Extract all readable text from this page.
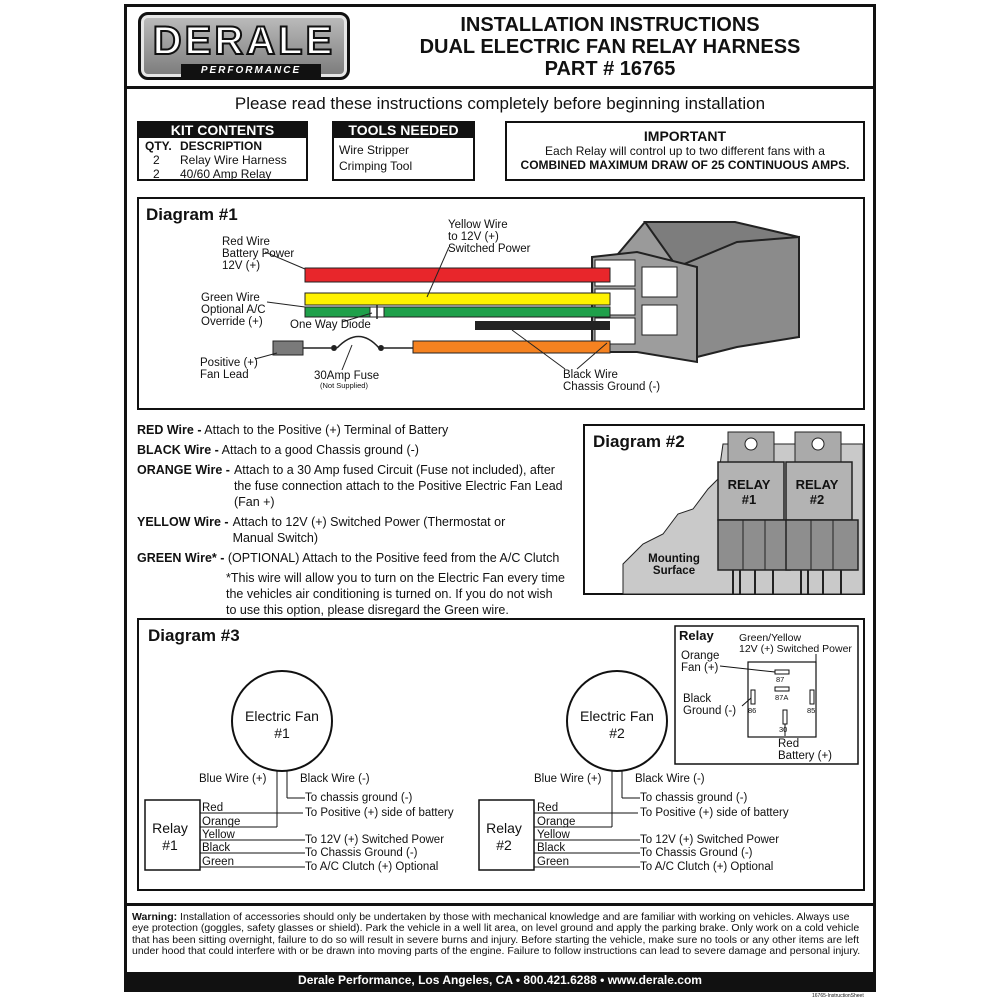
DERALE
PERFORMANCE
INSTALLATION INSTRUCTIONS
DUAL ELECTRIC FAN RELAY HARNESS
PART # 16765
Please read these instructions completely before beginning installation
KIT CONTENTS
QTY. DESCRIPTION
2 Relay Wire Harness
2 40/60 Amp Relay
TOOLS NEEDED
Wire Stripper
Crimping Tool
IMPORTANT
Each Relay will control up to two different fans with a
COMBINED MAXIMUM DRAW OF 25 CONTINUOUS AMPS.
Diagram #1
Red Wire
Battery Power
12V (+)
Yellow Wire
to 12V (+)
Switched Power
Green Wire
Optional A/C
Override (+) One Way Diode
Positive (+)
Fan Lead	30Amp Fuse
(Not Supplied)
Black Wire
Chassis Ground (-)
RED Wire - Attach to the Positive (+) Terminal of Battery
BLACK Wire - Attach to a good Chassis ground (-)
ORANGE Wire - Attach to a 30 Amp fused Circuit (Fuse not included), after
the fuse connection attach to the Positive Electric Fan Lead
(Fan +)
YELLOW Wire - Attach to 12V (+) Switched Power (Thermostat or
Manual Switch)
GREEN Wire* - (OPTIONAL) Attach to the Positive feed from the A/C Clutch
*This wire will allow you to turn on the Electric Fan every time
the vehicles air conditioning is turned on. If you do not wish
to use this option, please disregard the Green wire.
Diagram #2
RELAY
#1
RELAY
#2
Mounting
Surface
Diagram #3
Electric Fan
#1
Electric Fan
#2
Blue Wire (+)	Black Wire (-)
To chassis ground (-)
To Positive (+) side of battery
Relay
#1
Red
Orange
Yellow
Black
Green
To 12V (+) Switched Power
To Chassis Ground (-)
To A/C Clutch (+) Optional
Blue Wire (+)	Black Wire (-)
To chassis ground (-)
To Positive (+) side of battery
Relay
#2
Red
Orange
Yellow
Black
Green
To 12V (+) Switched Power
To Chassis Ground (-)
To A/C Clutch (+) Optional
Relay Green/Yellow
12V (+) Switched Power
Orange
Fan (+)
Black
Ground (-)
Red
Battery (+)
87
87A
86	85
30
Warning: Installation of accessories should only be undertaken by those with mechanical knowledge and are familiar with working on vehicles. Always use eye protection (goggles, safety glasses or shield). Park the vehicle in a well lit area, on level ground and apply the parking brake. Only work on a cold vehicle that has been sitting overnight, failure to do so will result in severe burns and injury. Before starting the vehicle, make sure no tools or any other items are left under hood that could interfere with or be drawn into moving parts of the engine. Failure to follow instructions can lead to severe damage and personal injury.
Derale Performance, Los Angeles, CA • 800.421.6288 • www.derale.com
16765-InstructionSheet
